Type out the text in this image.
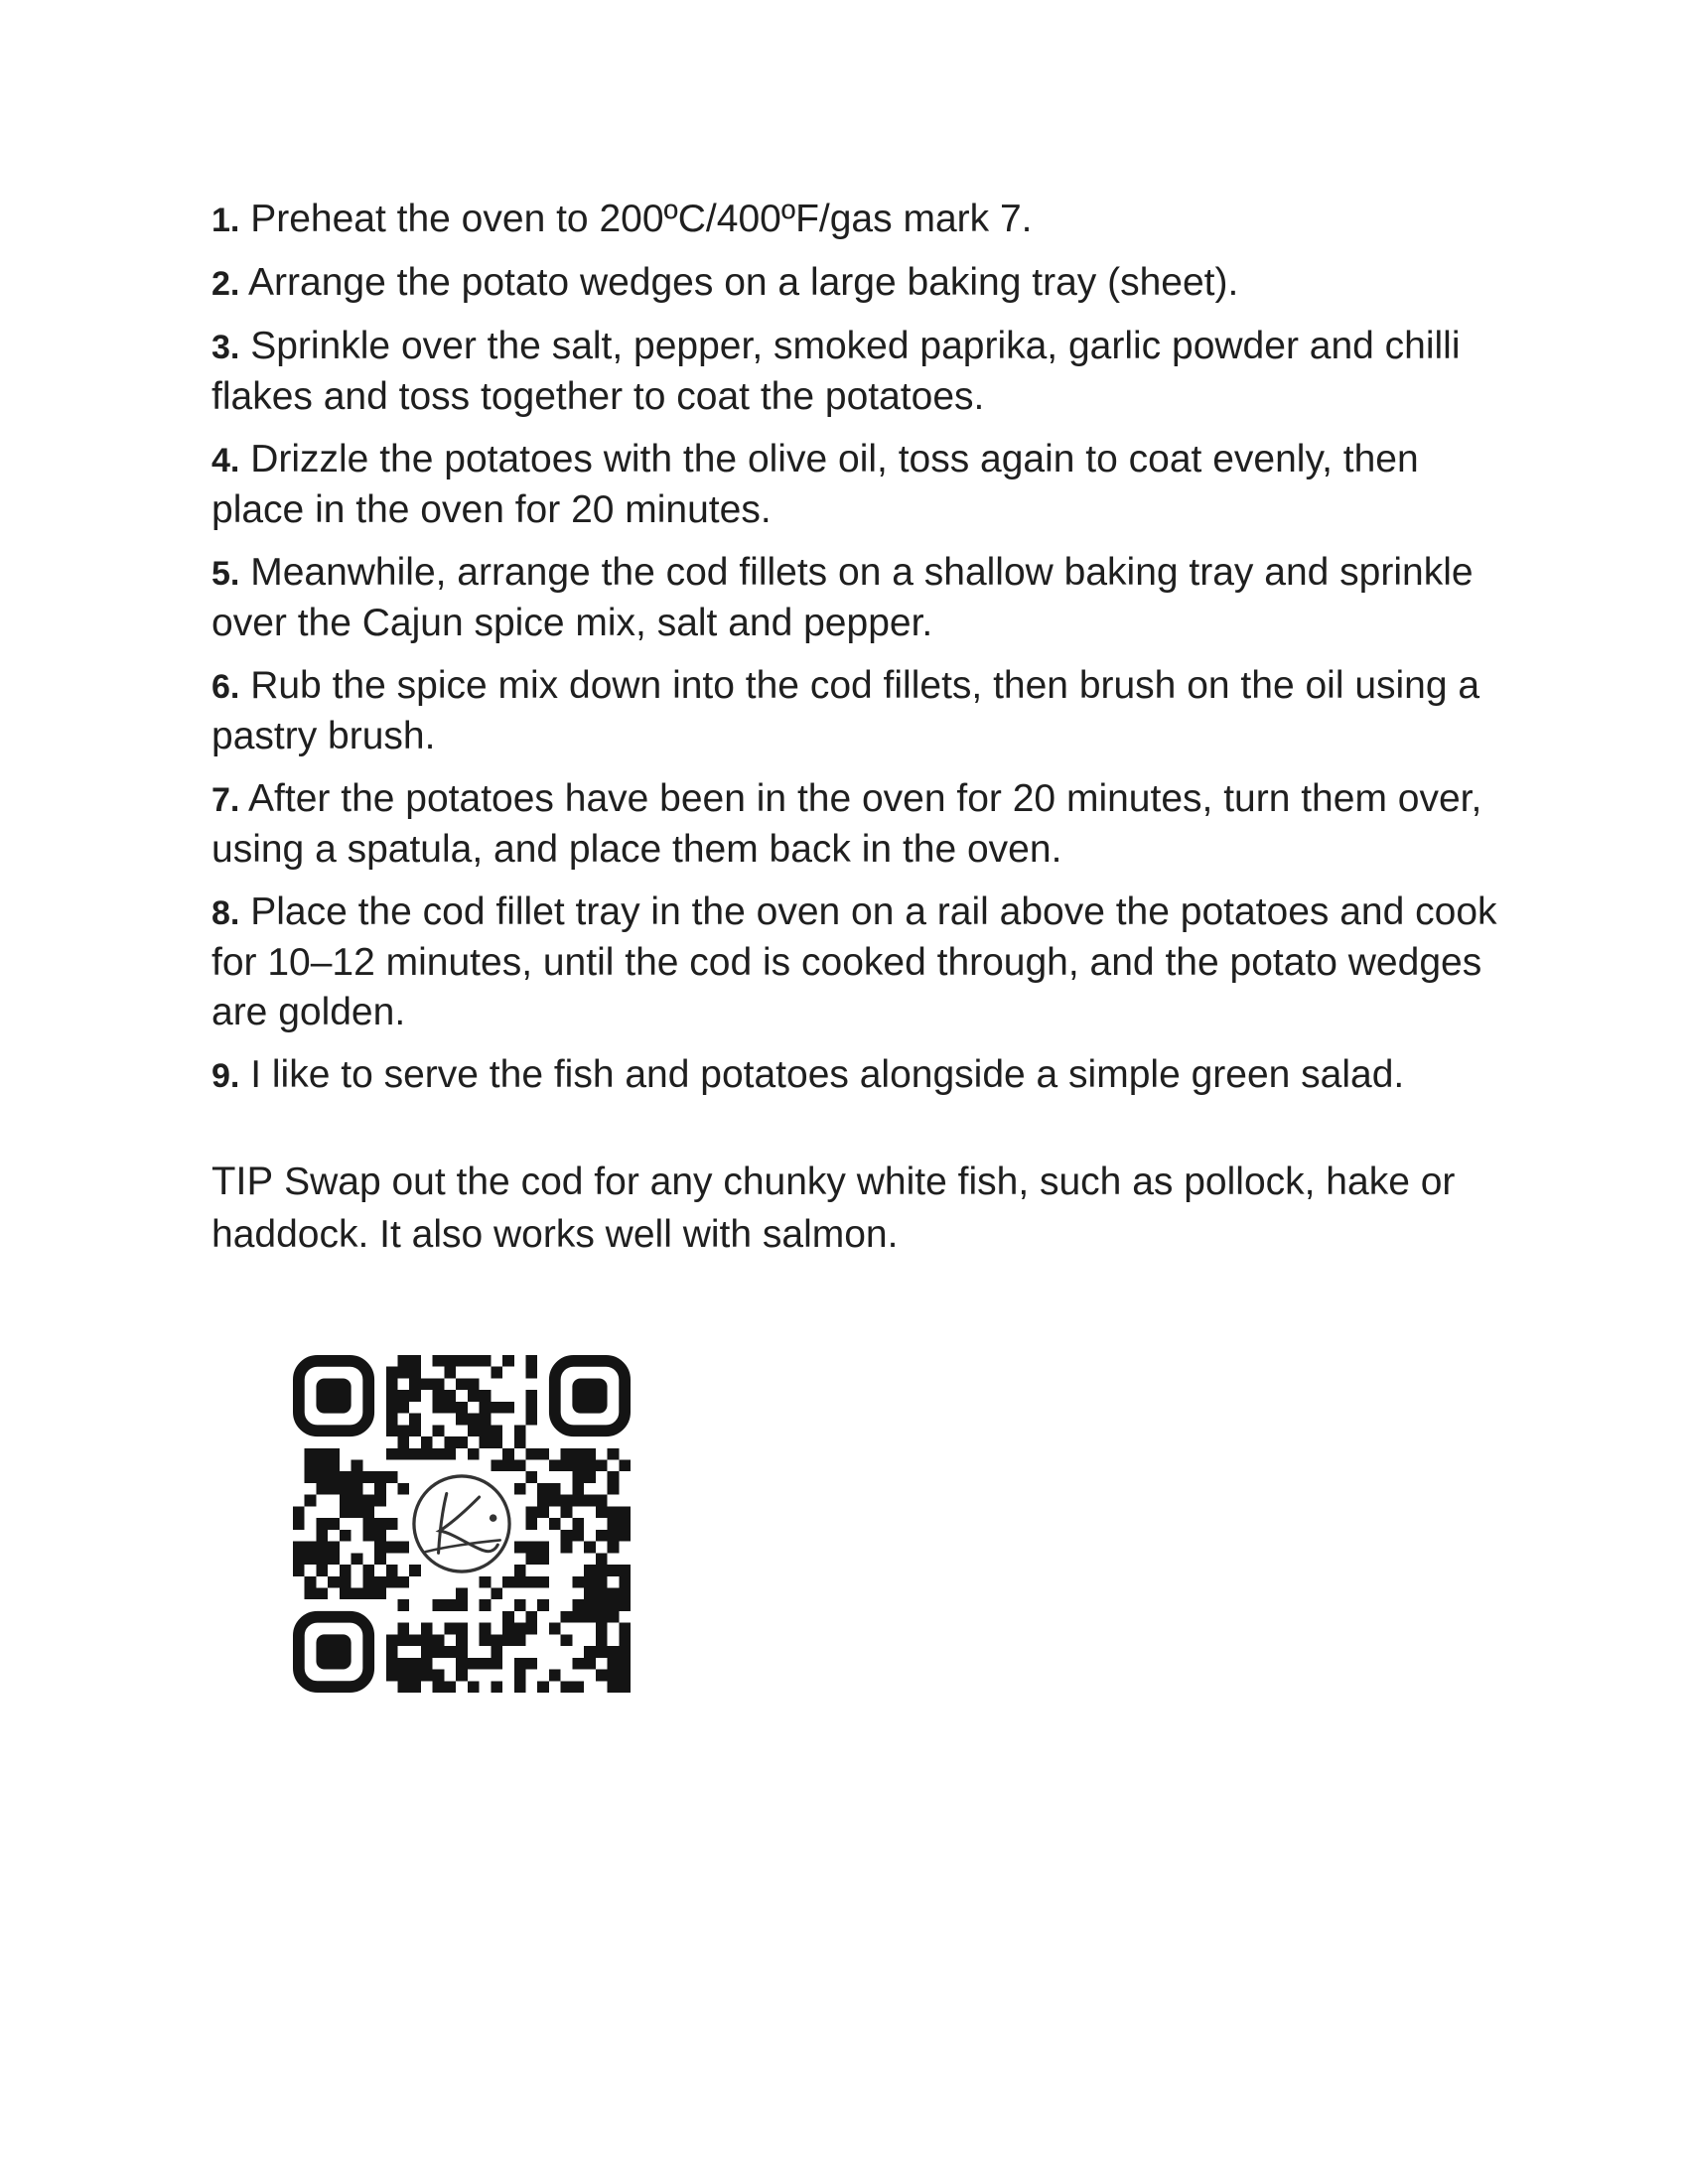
1. Preheat the oven to 200ºC/400ºF/gas mark 7.
2. Arrange the potato wedges on a large baking tray (sheet).
3. Sprinkle over the salt, pepper, smoked paprika, garlic powder and chilli flakes and toss together to coat the potatoes.
4. Drizzle the potatoes with the olive oil, toss again to coat evenly, then place in the oven for 20 minutes.
5. Meanwhile, arrange the cod fillets on a shallow baking tray and sprinkle over the Cajun spice mix, salt and pepper.
6. Rub the spice mix down into the cod fillets, then brush on the oil using a pastry brush.
7. After the potatoes have been in the oven for 20 minutes, turn them over, using a spatula, and place them back in the oven.
8. Place the cod fillet tray in the oven on a rail above the potatoes and cook for 10–12 minutes, until the cod is cooked through, and the potato wedges are golden.
9. I like to serve the fish and potatoes alongside a simple green salad.

TIP Swap out the cod for any chunky white fish, such as pollock, hake or haddock. It also works well with salmon.
